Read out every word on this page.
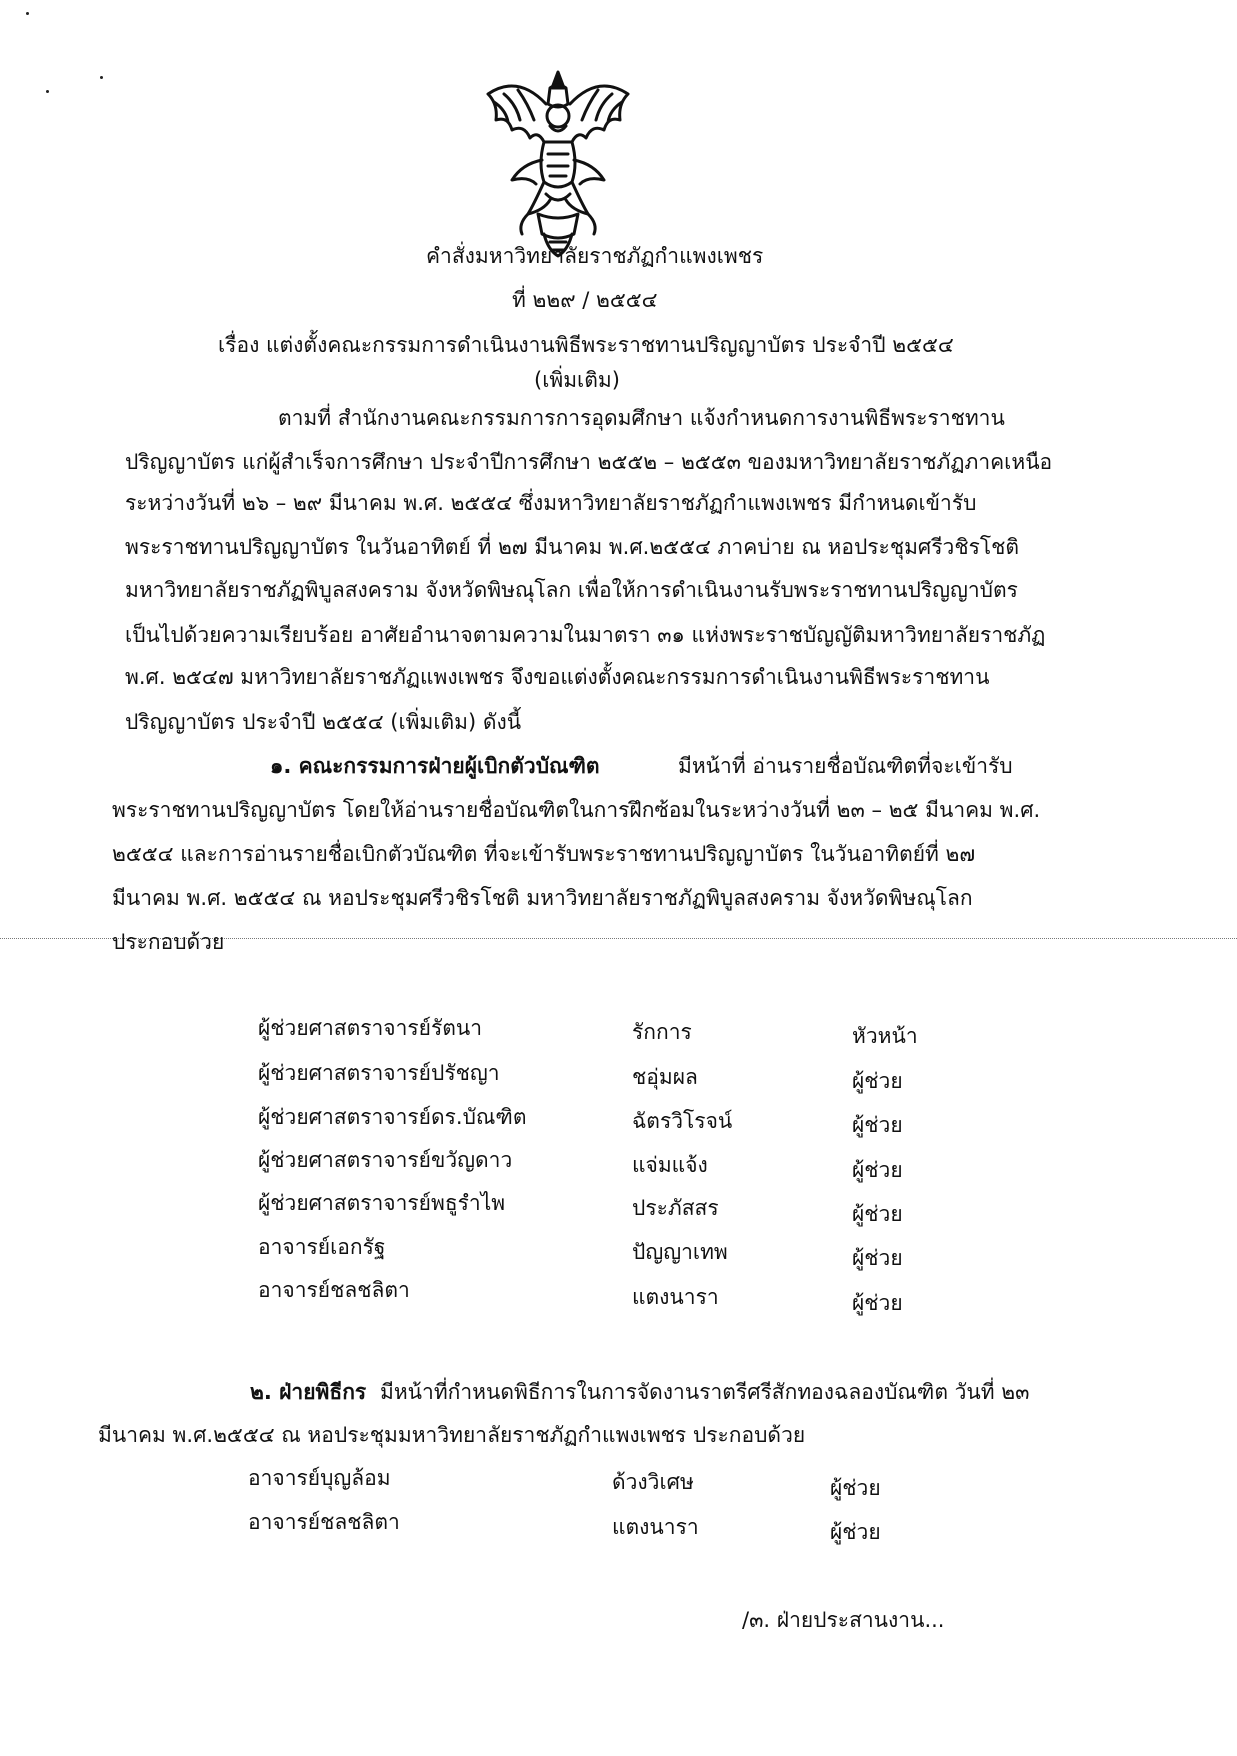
คำสั่งมหาวิทยาลัยราชภัฏกำแพงเพชร
ที่ ๒๒๙ / ๒๕๕๔
เรื่อง แต่งตั้งคณะกรรมการดำเนินงานพิธีพระราชทานปริญญาบัตร ประจำปี ๒๕๕๔
(เพิ่มเติม)
ตามที่ สำนักงานคณะกรรมการการอุดมศึกษา แจ้งกำหนดการงานพิธีพระราชทาน
ปริญญาบัตร แก่ผู้สำเร็จการศึกษา ประจำปีการศึกษา ๒๕๕๒ – ๒๕๕๓ ของมหาวิทยาลัยราชภัฏภาคเหนือ
ระหว่างวันที่ ๒๖ – ๒๙ มีนาคม พ.ศ. ๒๕๕๔ ซึ่งมหาวิทยาลัยราชภัฏกำแพงเพชร มีกำหนดเข้ารับ
พระราชทานปริญญาบัตร ในวันอาทิตย์ ที่ ๒๗ มีนาคม พ.ศ.๒๕๕๔ ภาคบ่าย ณ หอประชุมศรีวชิรโชติ
มหาวิทยาลัยราชภัฏพิบูลสงคราม จังหวัดพิษณุโลก เพื่อให้การดำเนินงานรับพระราชทานปริญญาบัตร
เป็นไปด้วยความเรียบร้อย อาศัยอำนาจตามความในมาตรา ๓๑ แห่งพระราชบัญญัติมหาวิทยาลัยราชภัฏ
พ.ศ. ๒๕๔๗ มหาวิทยาลัยราชภัฏแพงเพชร จึงขอแต่งตั้งคณะกรรมการดำเนินงานพิธีพระราชทาน
ปริญญาบัตร ประจำปี ๒๕๕๔ (เพิ่มเติม) ดังนี้
๑. คณะกรรมการฝ่ายผู้เบิกตัวบัณฑิต	มีหน้าที่ อ่านรายชื่อบัณฑิตที่จะเข้ารับ
พระราชทานปริญญาบัตร โดยให้อ่านรายชื่อบัณฑิตในการฝึกซ้อมในระหว่างวันที่ ๒๓ – ๒๕ มีนาคม พ.ศ.
๒๕๕๔ และการอ่านรายชื่อเบิกตัวบัณฑิต ที่จะเข้ารับพระราชทานปริญญาบัตร ในวันอาทิตย์ที่ ๒๗
มีนาคม พ.ศ. ๒๕๕๔ ณ หอประชุมศรีวชิรโชติ มหาวิทยาลัยราชภัฏพิบูลสงคราม จังหวัดพิษณุโลก
ประกอบด้วย
ผู้ช่วยศาสตราจารย์รัตนา	รักการ	หัวหน้า
ผู้ช่วยศาสตราจารย์ปรัชญา	ชอุ่มผล	ผู้ช่วย
ผู้ช่วยศาสตราจารย์ดร.บัณฑิต	ฉัตรวิโรจน์	ผู้ช่วย
ผู้ช่วยศาสตราจารย์ขวัญดาว	แจ่มแจ้ง	ผู้ช่วย
ผู้ช่วยศาสตราจารย์พธูรำไพ	ประภัสสร	ผู้ช่วย
อาจารย์เอกรัฐ	ปัญญาเทพ	ผู้ช่วย
อาจารย์ชลชลิตา	แตงนารา	ผู้ช่วย
๒. ฝ่ายพิธีกร มีหน้าที่กำหนดพิธีการในการจัดงานราตรีศรีสักทองฉลองบัณฑิต วันที่ ๒๓
มีนาคม พ.ศ.๒๕๕๔ ณ หอประชุมมหาวิทยาลัยราชภัฏกำแพงเพชร ประกอบด้วย
อาจารย์บุญล้อม	ด้วงวิเศษ	ผู้ช่วย
อาจารย์ชลชลิตา	แตงนารา	ผู้ช่วย
/๓. ฝ่ายประสานงาน...
